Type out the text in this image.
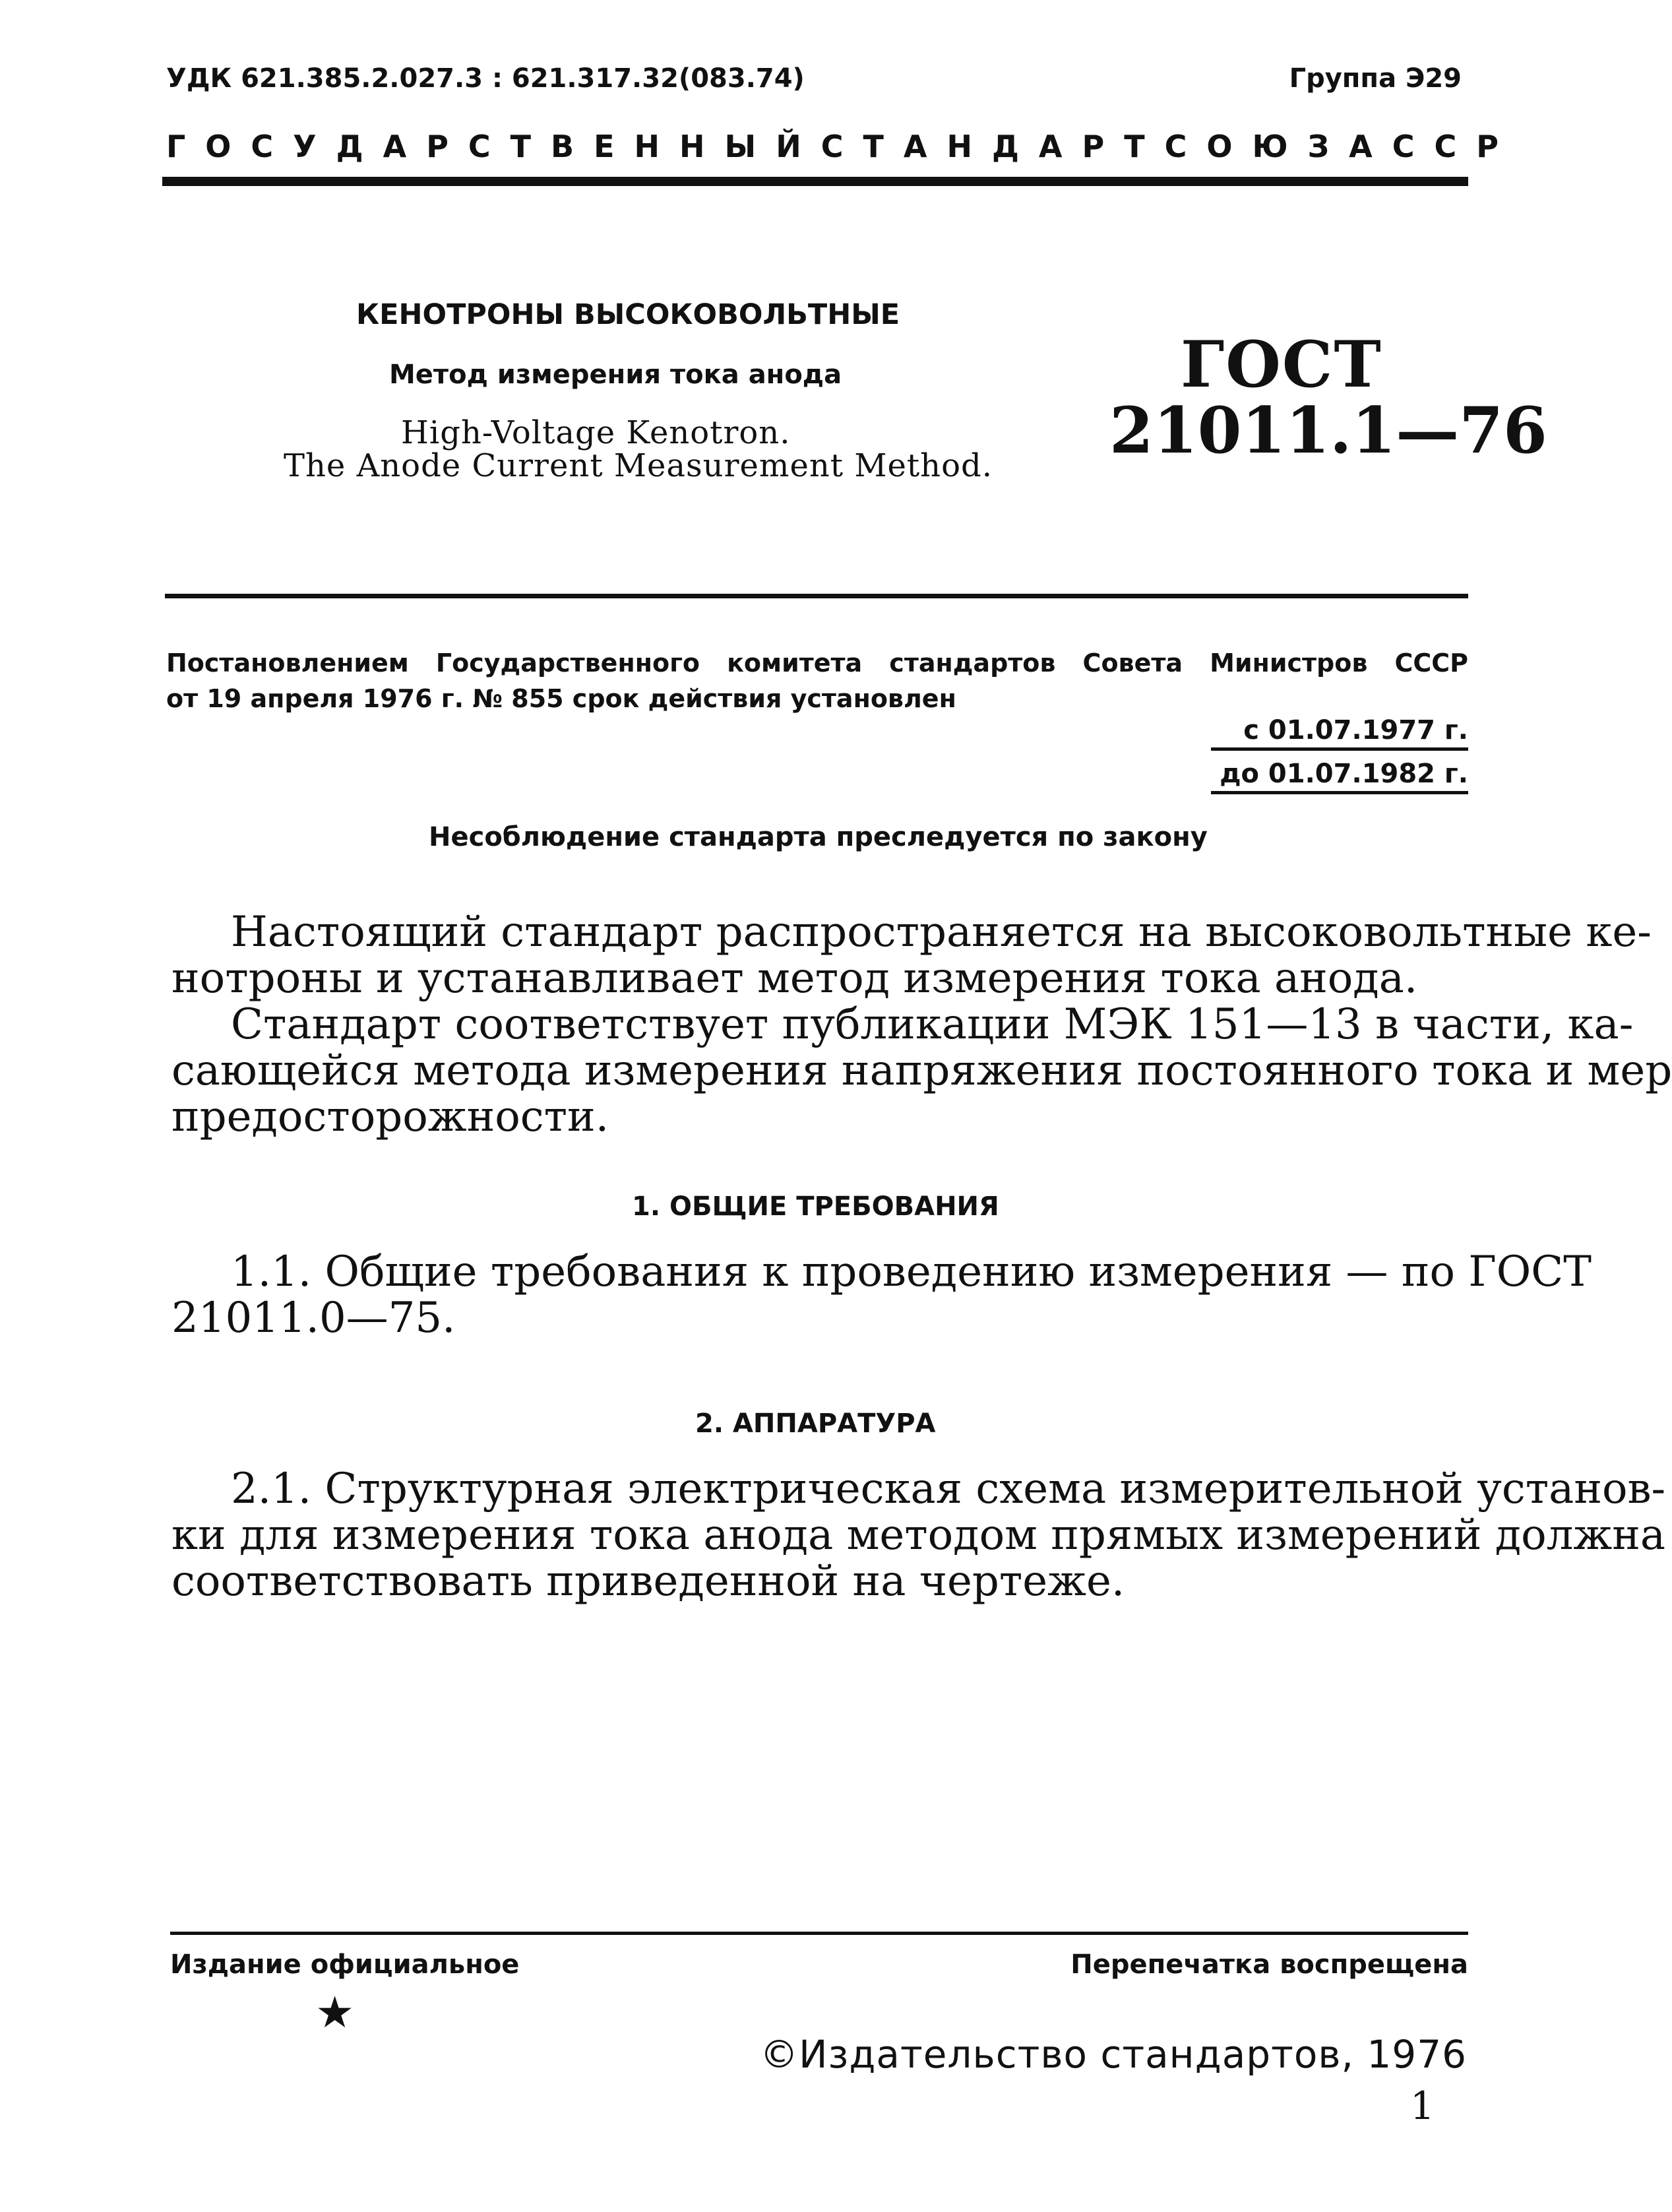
УДК 621.385.2.027.3 : 621.317.32(083.74)	Группа Э29
ГОСУДАРСТВЕННЫЙ СТАНДАРТ СОЮЗА ССР
КЕНОТРОНЫ ВЫСОКОВОЛЬТНЫЕ
Метод измерения тока анода
High-Voltage Kenotron.
The Anode Current Measurement Method.
ГОСТ
21011.1—76
Постановлением Государственного комитета стандартов Совета Министров СССР
от 19 апреля 1976 г. № 855 срок действия установлен
с 01.07.1977 г.
до 01.07.1982 г.
Несоблюдение стандарта преследуется по закону
Настоящий стандарт распространяется на высоковольтные ке-
нотроны и устанавливает метод измерения тока анода.
Стандарт соответствует публикации МЭК 151—13 в части, ка-
сающейся метода измерения напряжения постоянного тока и мер
предосторожности.
1. ОБЩИЕ ТРЕБОВАНИЯ
1.1. Общие требования к проведению измерения — по ГОСТ
21011.0—75.
2. АППАРАТУРА
2.1. Структурная электрическая схема измерительной установ-
ки для измерения тока анода методом прямых измерений должна
соответствовать приведенной на чертеже.
Издание официальное	Перепечатка воспрещена
★
©Издательство стандартов, 1976
1
